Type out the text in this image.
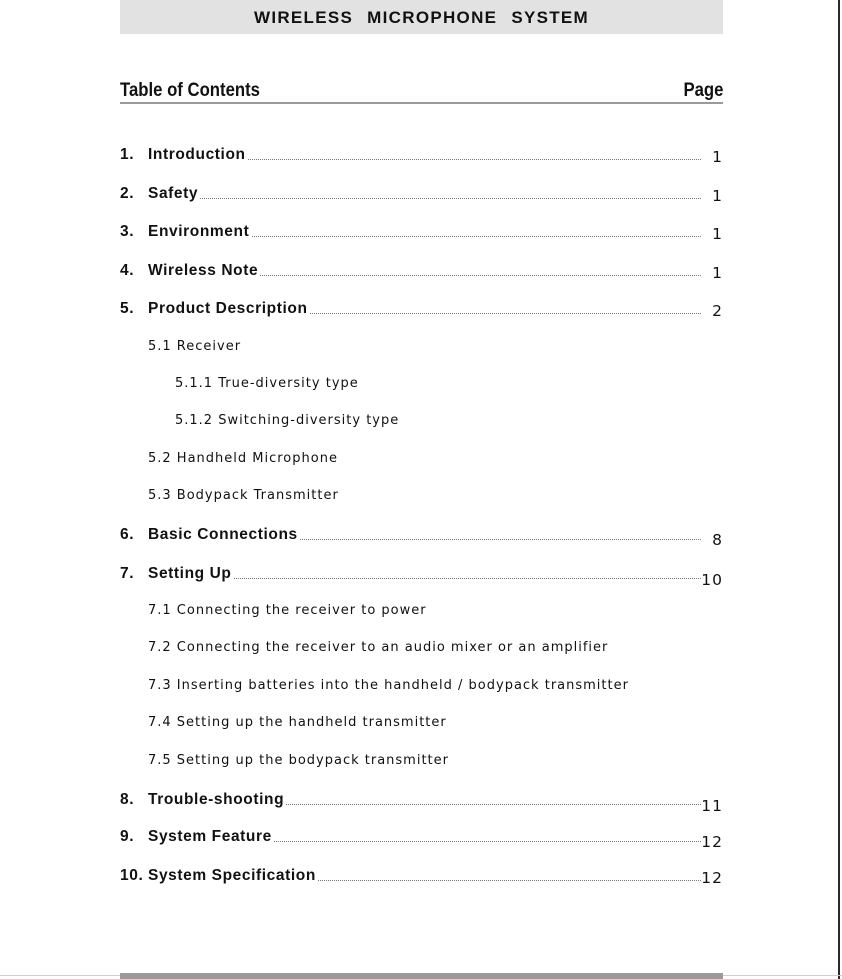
WIRELESS MICROPHONE SYSTEM
Table of Contents	Page
1. Introduction	1
2. Safety	1
3. Environment	1
4. Wireless Note	1
5. Product Description	2
5.1 Receiver
5.1.1 True-diversity type
5.1.2 Switching-diversity type
5.2 Handheld Microphone
5.3 Bodypack Transmitter
6. Basic Connections	8
7. Setting Up	10
7.1 Connecting the receiver to power
7.2 Connecting the receiver to an audio mixer or an amplifier
7.3 Inserting batteries into the handheld / bodypack transmitter
7.4 Setting up the handheld transmitter
7.5 Setting up the bodypack transmitter
8. Trouble-shooting	11
9. System Feature	12
10. System Specification	12
